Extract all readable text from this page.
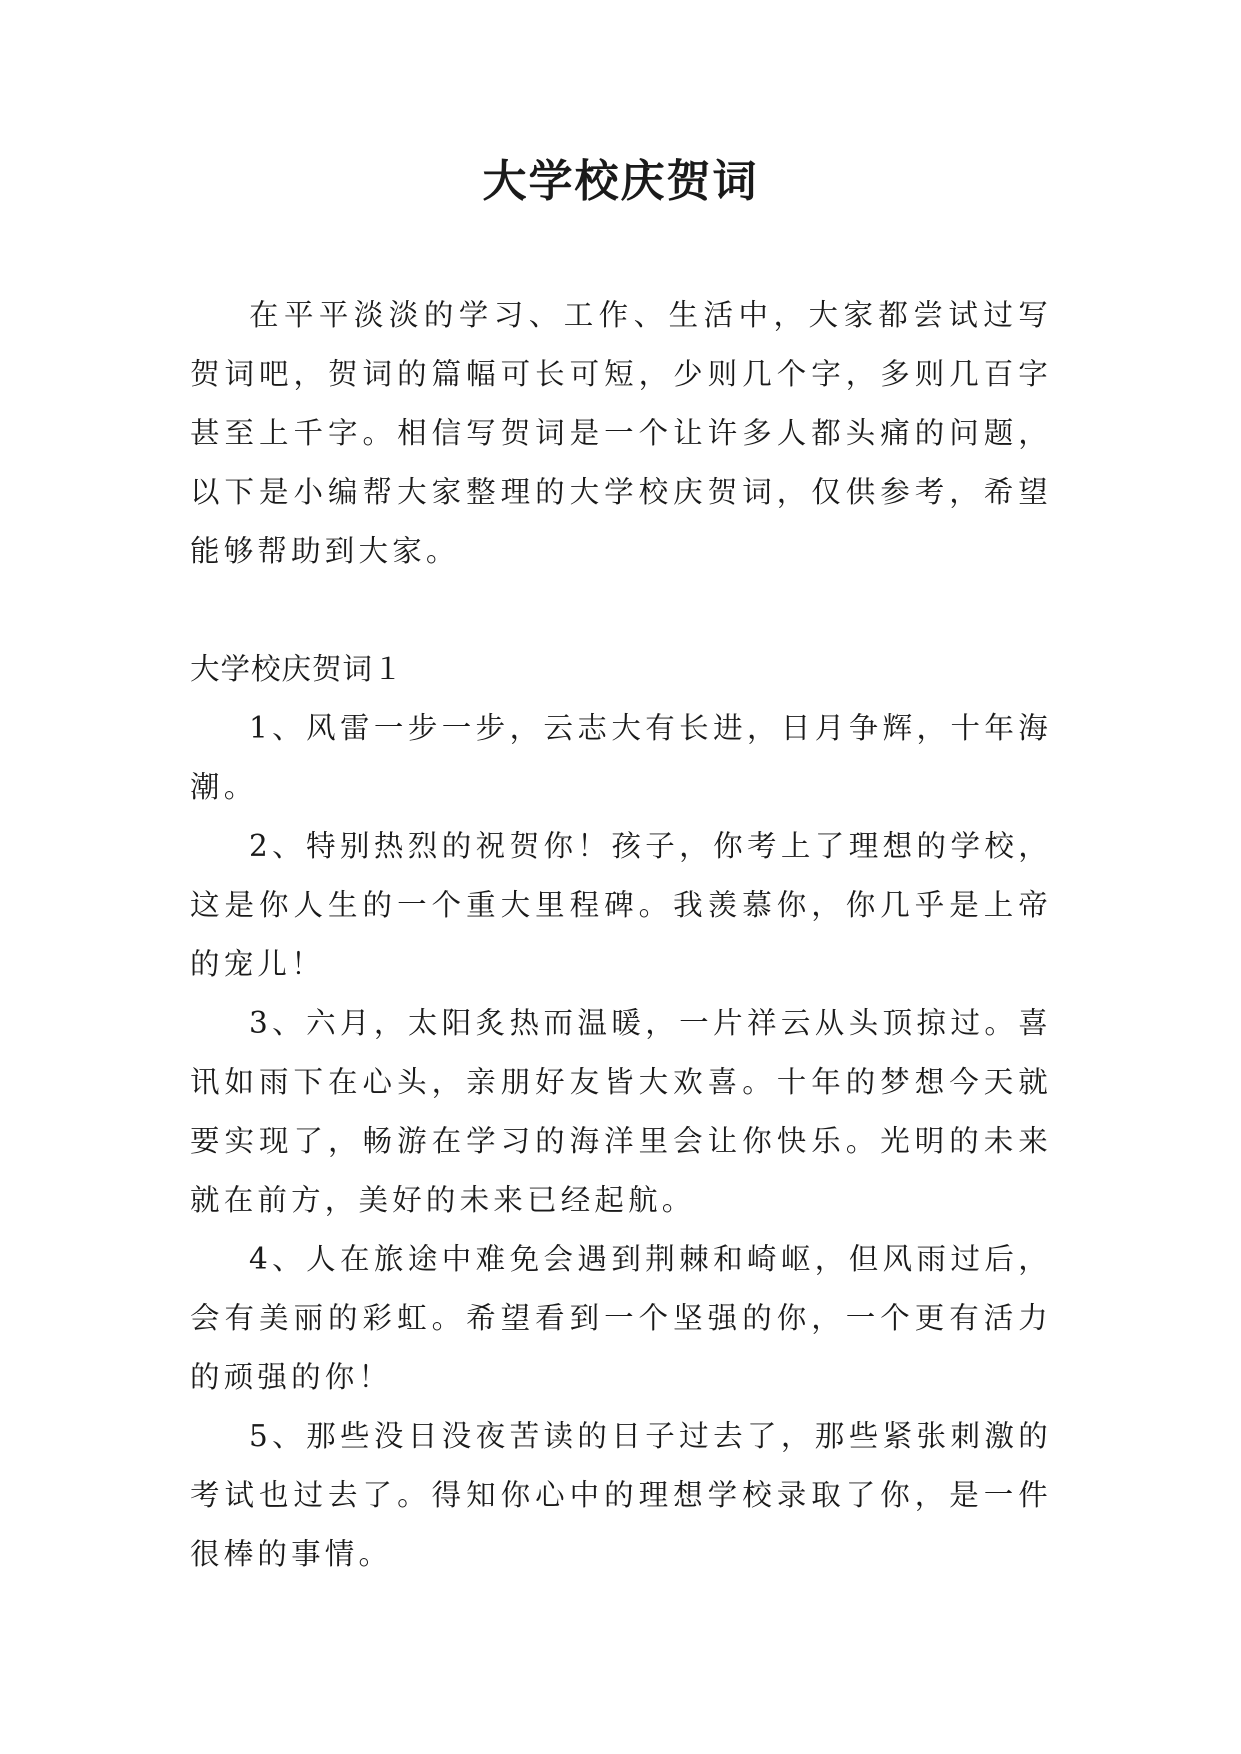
大学校庆贺词

在平平淡淡的学习、工作、生活中，大家都尝试过写贺词吧，贺词的篇幅可长可短，少则几个字，多则几百字甚至上千字。相信写贺词是一个让许多人都头痛的问题，以下是小编帮大家整理的大学校庆贺词，仅供参考，希望能够帮助到大家。

大学校庆贺词１

1、风雷一步一步，云志大有长进，日月争辉，十年海潮。

2、特别热烈的祝贺你！孩子，你考上了理想的学校，这是你人生的一个重大里程碑。我羡慕你，你几乎是上帝的宠儿！

3、六月，太阳炙热而温暖，一片祥云从头顶掠过。喜讯如雨下在心头，亲朋好友皆大欢喜。十年的梦想今天就要实现了，畅游在学习的海洋里会让你快乐。光明的未来就在前方，美好的未来已经起航。

4、人在旅途中难免会遇到荆棘和崎岖，但风雨过后，会有美丽的彩虹。希望看到一个坚强的你，一个更有活力的顽强的你！

5、那些没日没夜苦读的日子过去了，那些紧张刺激的考试也过去了。得知你心中的理想学校录取了你，是一件很棒的事情。
